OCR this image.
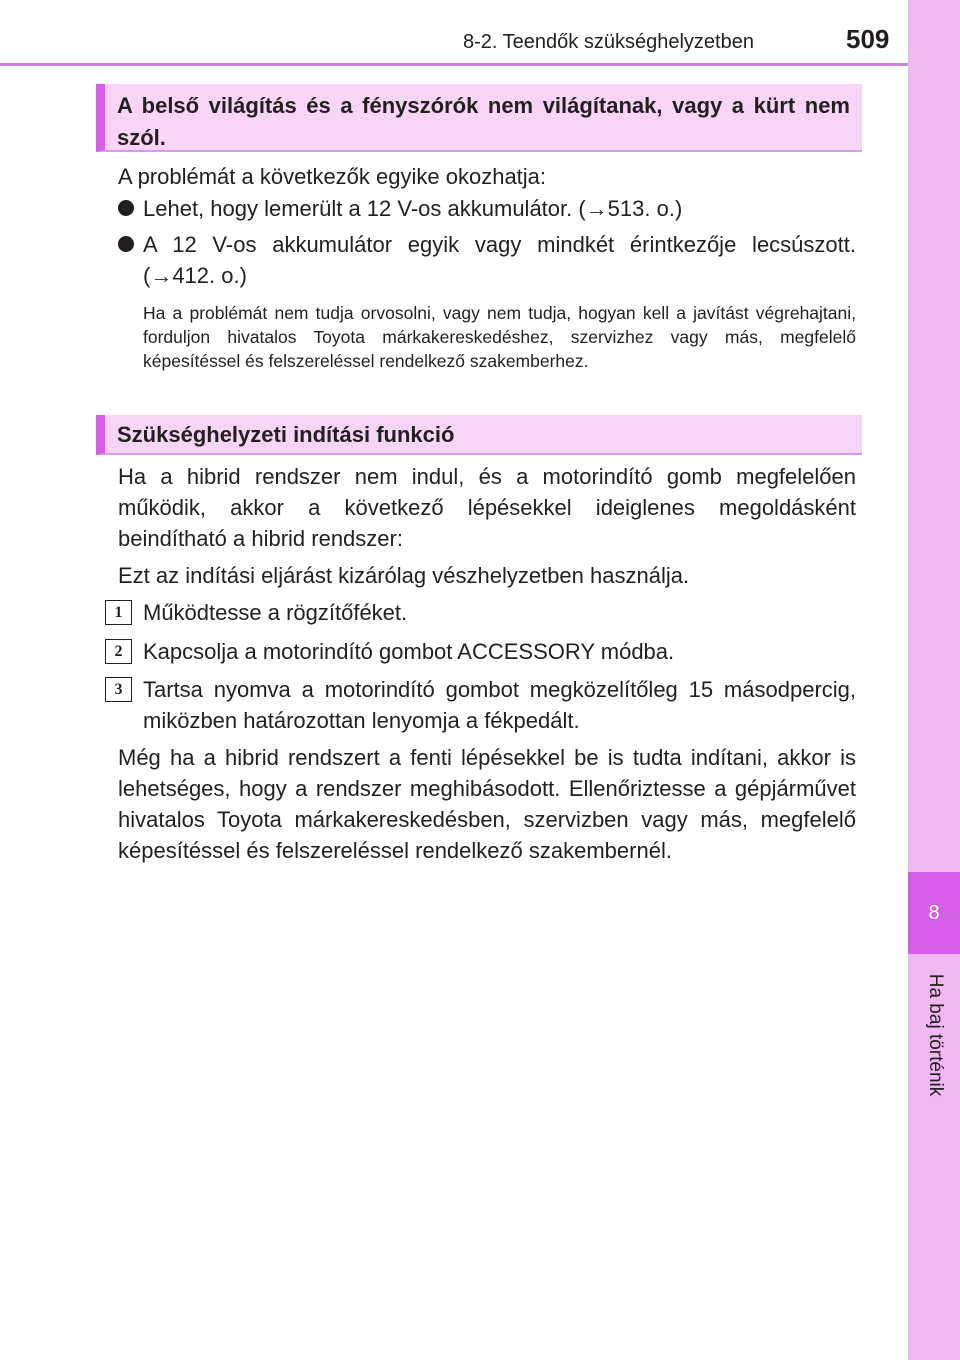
8-2. Teendők szükséghelyzetben	509
8
Ha baj történik
A belső világítás és a fényszórók nem világítanak, vagy a kürt nem szól.
A problémát a következők egyike okozhatja:
Lehet, hogy lemerült a 12 V-os akkumulátor. (→513. o.)
A 12 V-os akkumulátor egyik vagy mindkét érintkezője lecsúszott. (→412. o.)
Ha a problémát nem tudja orvosolni, vagy nem tudja, hogyan kell a javítást végrehajtani, forduljon hivatalos Toyota márkakereskedéshez, szervizhez vagy más, megfelelő képesítéssel és felszereléssel rendelkező szakemberhez.
Szükséghelyzeti indítási funkció
Ha a hibrid rendszer nem indul, és a motorindító gomb megfelelően működik, akkor a következő lépésekkel ideiglenes megoldásként beindítható a hibrid rendszer:
Ezt az indítási eljárást kizárólag vészhelyzetben használja.
1 Működtesse a rögzítőféket.
2 Kapcsolja a motorindító gombot ACCESSORY módba.
3 Tartsa nyomva a motorindító gombot megközelítőleg 15 másodpercig, miközben határozottan lenyomja a fékpedált.
Még ha a hibrid rendszert a fenti lépésekkel be is tudta indítani, akkor is lehetséges, hogy a rendszer meghibásodott. Ellenőriztesse a gépjárművet hivatalos Toyota márkakereskedésben, szervizben vagy más, megfelelő képesítéssel és felszereléssel rendelkező szakembernél.
